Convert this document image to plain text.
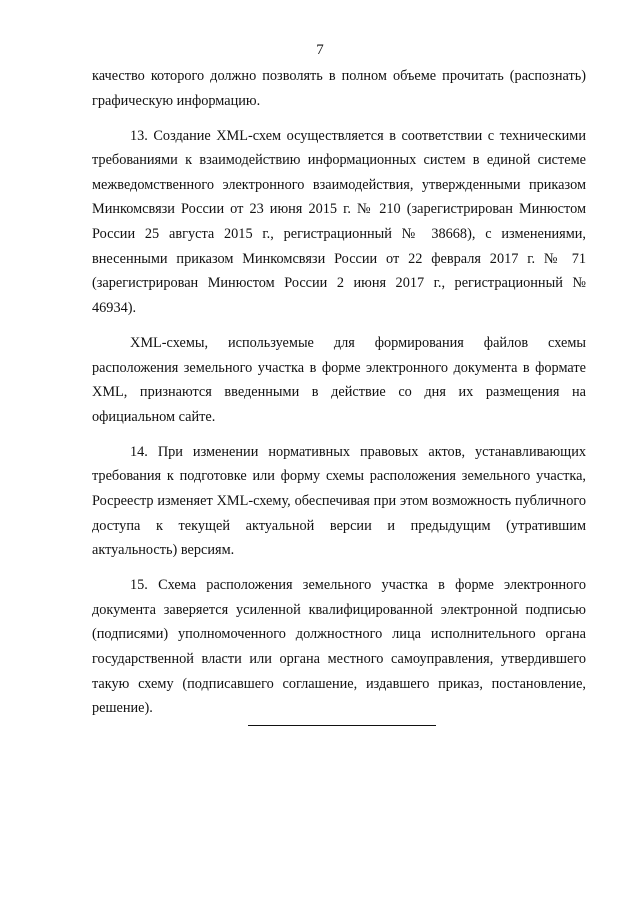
7

качество которого должно позволять в полном объеме прочитать (распознать) графическую информацию.

13. Создание XML-схем осуществляется в соответствии с техническими требованиями к взаимодействию информационных систем в единой системе межведомственного электронного взаимодействия, утвержденными приказом Минкомсвязи России от 23 июня 2015 г. № 210 (зарегистрирован Минюстом России 25 августа 2015 г., регистрационный № 38668), с изменениями, внесенными приказом Минкомсвязи России от 22 февраля 2017 г. № 71 (зарегистрирован Минюстом России 2 июня 2017 г., регистрационный № 46934).

XML-схемы, используемые для формирования файлов схемы расположения земельного участка в форме электронного документа в формате XML, признаются введенными в действие со дня их размещения на официальном сайте.

14. При изменении нормативных правовых актов, устанавливающих требования к подготовке или форму схемы расположения земельного участка, Росреестр изменяет XML-схему, обеспечивая при этом возможность публичного доступа к текущей актуальной версии и предыдущим (утратившим актуальность) версиям.

15. Схема расположения земельного участка в форме электронного документа заверяется усиленной квалифицированной электронной подписью (подписями) уполномоченного должностного лица исполнительного органа государственной власти или органа местного самоуправления, утвердившего такую схему (подписавшего соглашение, издавшего приказ, постановление, решение).
